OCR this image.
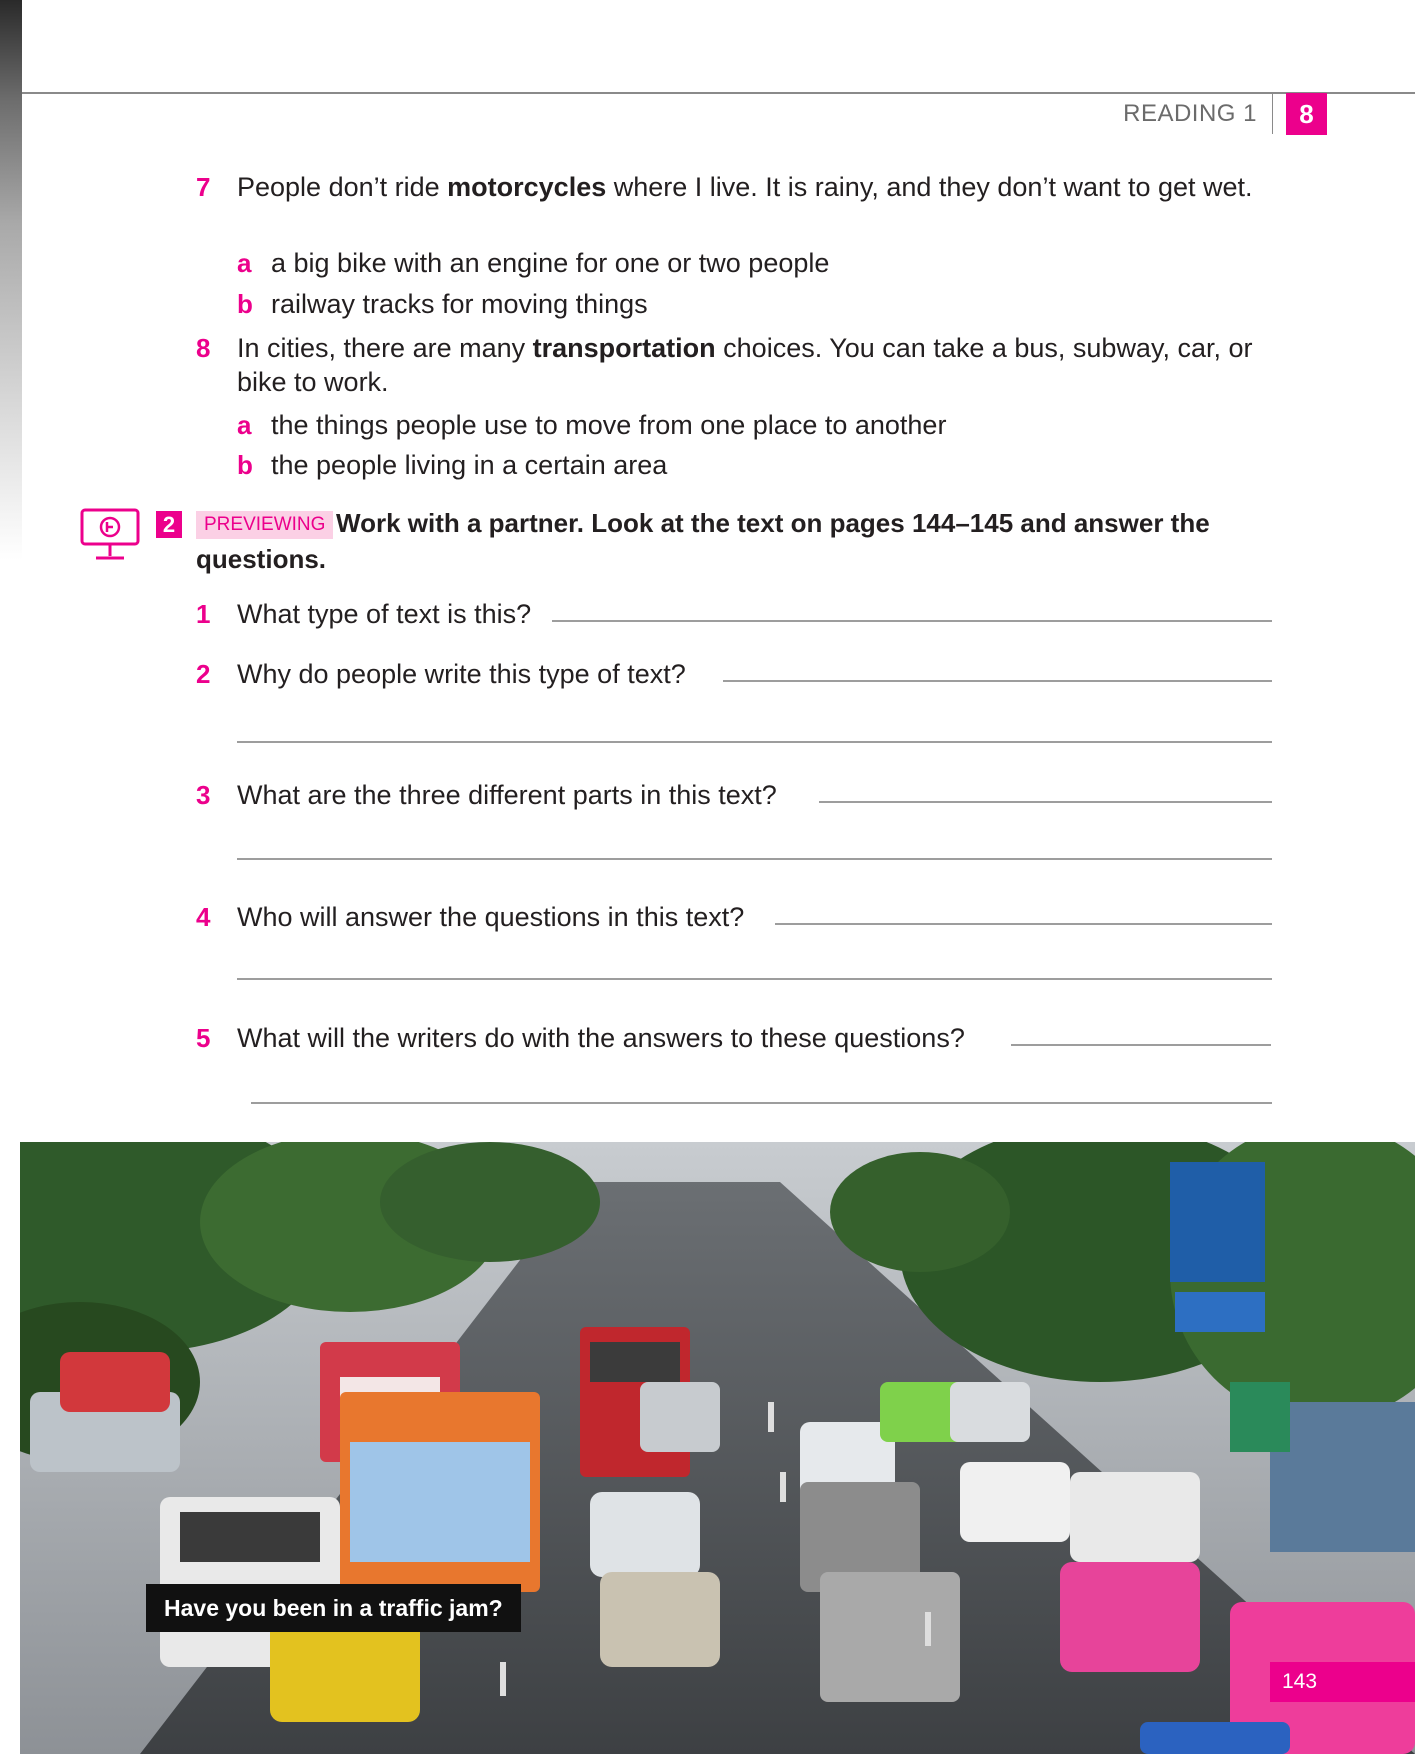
READING 1	8
7 People don’t ride motorcycles where I live. It is rainy, and they don’t want to get wet.
a a big bike with an engine for one or two people
b railway tracks for moving things
8 In cities, there are many transportation choices. You can take a bus, subway, car, or bike to work.
a the things people use to move from one place to another
b the people living in a certain area
2	PREVIEWING Work with a partner. Look at the text on pages 144–145 and answer the questions.
1 What type of text is this?
2 Why do people write this type of text?
3 What are the three different parts in this text?
4 Who will answer the questions in this text?
5 What will the writers do with the answers to these questions?
Have you been in a traffic jam?
143
